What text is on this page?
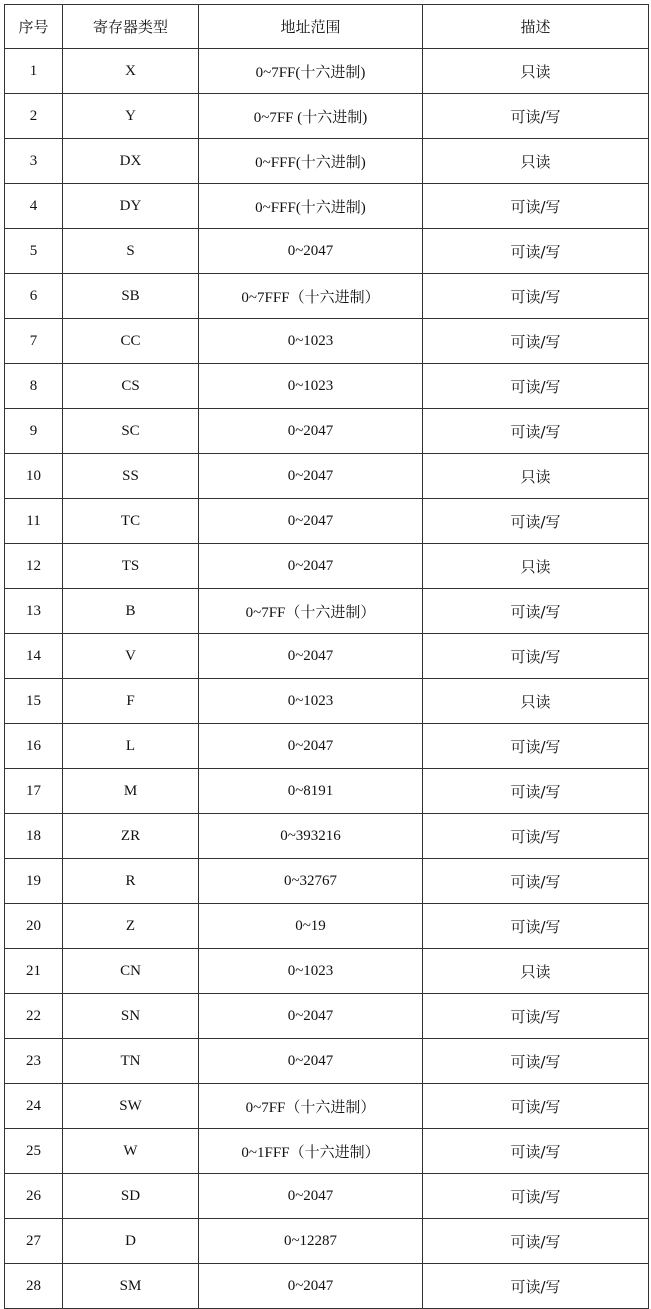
序号	寄存器类型	地址范围	描述
1	X	0~7FF(十六进制)	只读
2	Y	0~7FF (十六进制)	可读/写
3	DX	0~FFF(十六进制)	只读
4	DY	0~FFF(十六进制)	可读/写
5	S	0~2047	可读/写
6	SB	0~7FFF（十六进制）	可读/写
7	CC	0~1023	可读/写
8	CS	0~1023	可读/写
9	SC	0~2047	可读/写
10	SS	0~2047	只读
11	TC	0~2047	可读/写
12	TS	0~2047	只读
13	B	0~7FF（十六进制）	可读/写
14	V	0~2047	可读/写
15	F	0~1023	只读
16	L	0~2047	可读/写
17	M	0~8191	可读/写
18	ZR	0~393216	可读/写
19	R	0~32767	可读/写
20	Z	0~19	可读/写
21	CN	0~1023	只读
22	SN	0~2047	可读/写
23	TN	0~2047	可读/写
24	SW	0~7FF（十六进制）	可读/写
25	W	0~1FFF（十六进制）	可读/写
26	SD	0~2047	可读/写
27	D	0~12287	可读/写
28	SM	0~2047	可读/写
